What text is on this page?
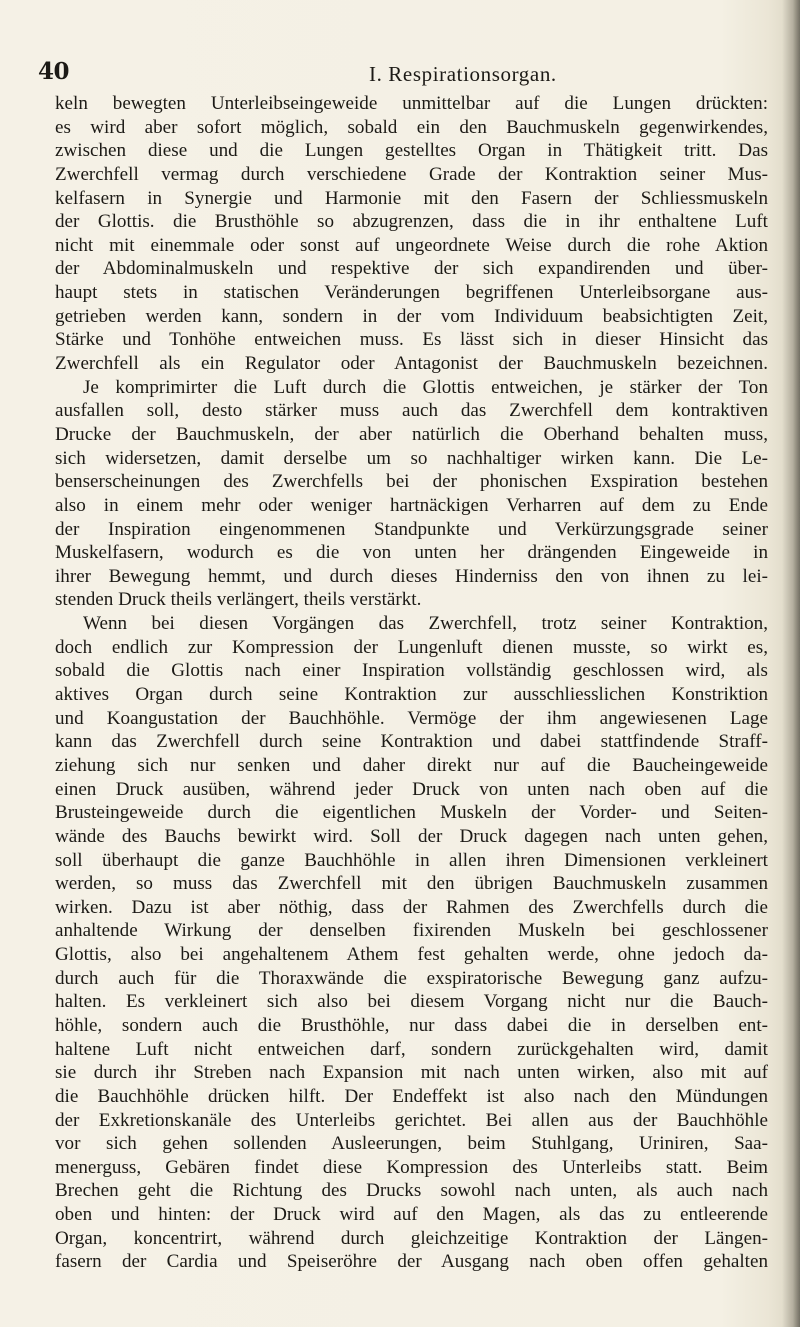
40	I. Respirationsorgan.
keln bewegten Unterleibseingeweide unmittelbar auf die Lungen drückten:
es wird aber sofort möglich, sobald ein den Bauchmuskeln gegenwirkendes,
zwischen diese und die Lungen gestelltes Organ in Thätigkeit tritt. Das
Zwerchfell vermag durch verschiedene Grade der Kontraktion seiner Mus-
kelfasern in Synergie und Harmonie mit den Fasern der Schliessmuskeln
der Glottis. die Brusthöhle so abzugrenzen, dass die in ihr enthaltene Luft
nicht mit einemmale oder sonst auf ungeordnete Weise durch die rohe Aktion
der Abdominalmuskeln und respektive der sich expandirenden und über-
haupt stets in statischen Veränderungen begriffenen Unterleibsorgane aus-
getrieben werden kann, sondern in der vom Individuum beabsichtigten Zeit,
Stärke und Tonhöhe entweichen muss. Es lässt sich in dieser Hinsicht das
Zwerchfell als ein Regulator oder Antagonist der Bauchmuskeln bezeichnen.
Je komprimirter die Luft durch die Glottis entweichen, je stärker der Ton
ausfallen soll, desto stärker muss auch das Zwerchfell dem kontraktiven
Drucke der Bauchmuskeln, der aber natürlich die Oberhand behalten muss,
sich widersetzen, damit derselbe um so nachhaltiger wirken kann. Die Le-
benserscheinungen des Zwerchfells bei der phonischen Exspiration bestehen
also in einem mehr oder weniger hartnäckigen Verharren auf dem zu Ende
der Inspiration eingenommenen Standpunkte und Verkürzungsgrade seiner
Muskelfasern, wodurch es die von unten her drängenden Eingeweide in
ihrer Bewegung hemmt, und durch dieses Hinderniss den von ihnen zu lei-
stenden Druck theils verlängert, theils verstärkt.
Wenn bei diesen Vorgängen das Zwerchfell, trotz seiner Kontraktion,
doch endlich zur Kompression der Lungenluft dienen musste, so wirkt es,
sobald die Glottis nach einer Inspiration vollständig geschlossen wird, als
aktives Organ durch seine Kontraktion zur ausschliesslichen Konstriktion
und Koangustation der Bauchhöhle. Vermöge der ihm angewiesenen Lage
kann das Zwerchfell durch seine Kontraktion und dabei stattfindende Straff-
ziehung sich nur senken und daher direkt nur auf die Baucheingeweide
einen Druck ausüben, während jeder Druck von unten nach oben auf die
Brusteingeweide durch die eigentlichen Muskeln der Vorder- und Seiten-
wände des Bauchs bewirkt wird. Soll der Druck dagegen nach unten gehen,
soll überhaupt die ganze Bauchhöhle in allen ihren Dimensionen verkleinert
werden, so muss das Zwerchfell mit den übrigen Bauchmuskeln zusammen
wirken. Dazu ist aber nöthig, dass der Rahmen des Zwerchfells durch die
anhaltende Wirkung der denselben fixirenden Muskeln bei geschlossener
Glottis, also bei angehaltenem Athem fest gehalten werde, ohne jedoch da-
durch auch für die Thoraxwände die exspiratorische Bewegung ganz aufzu-
halten. Es verkleinert sich also bei diesem Vorgang nicht nur die Bauch-
höhle, sondern auch die Brusthöhle, nur dass dabei die in derselben ent-
haltene Luft nicht entweichen darf, sondern zurückgehalten wird, damit
sie durch ihr Streben nach Expansion mit nach unten wirken, also mit auf
die Bauchhöhle drücken hilft. Der Endeffekt ist also nach den Mündungen
der Exkretionskanäle des Unterleibs gerichtet. Bei allen aus der Bauchhöhle
vor sich gehen sollenden Ausleerungen, beim Stuhlgang, Uriniren, Saa-
menerguss, Gebären findet diese Kompression des Unterleibs statt. Beim
Brechen geht die Richtung des Drucks sowohl nach unten, als auch nach
oben und hinten: der Druck wird auf den Magen, als das zu entleerende
Organ, koncentrirt, während durch gleichzeitige Kontraktion der Längen-
fasern der Cardia und Speiseröhre der Ausgang nach oben offen gehalten
